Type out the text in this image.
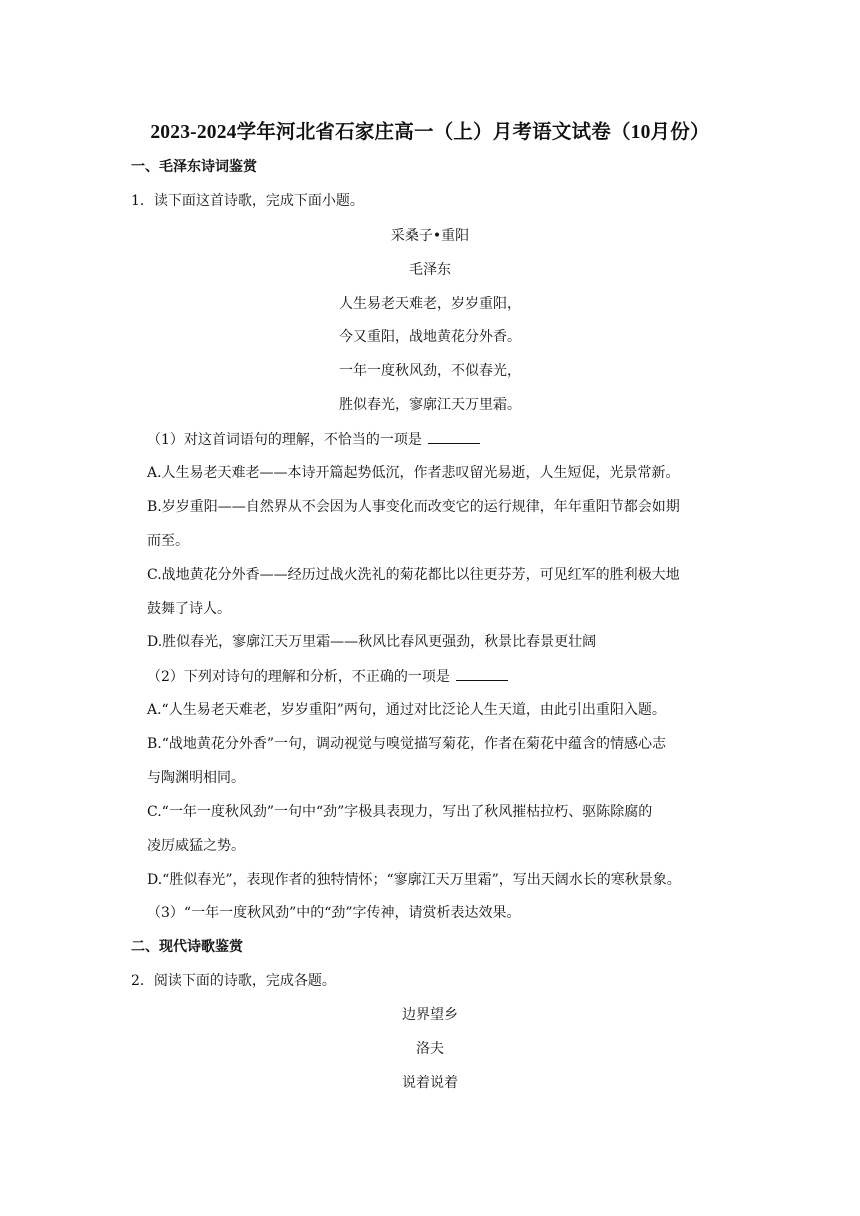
2023-2024学年河北省石家庄高一（上）月考语文试卷（10月份）
一、毛泽东诗词鉴赏
1．读下面这首诗歌，完成下面小题。
采桑子•重阳
毛泽东
人生易老天难老，岁岁重阳，
今又重阳，战地黄花分外香。
一年一度秋风劲，不似春光，
胜似春光，寥廓江天万里霜。
（1）对这首词语句的理解，不恰当的一项是
A.人生易老天难老——本诗开篇起势低沉，作者悲叹留光易逝，人生短促，光景常新。
B.岁岁重阳——自然界从不会因为人事变化而改变它的运行规律，年年重阳节都会如期
而至。
C.战地黄花分外香——经历过战火洗礼的菊花都比以往更芬芳，可见红军的胜利极大地
鼓舞了诗人。
D.胜似春光，寥廓江天万里霜——秋风比春风更强劲，秋景比春景更壮阔
（2）下列对诗句的理解和分析，不正确的一项是
A.“人生易老天难老，岁岁重阳”两句，通过对比泛论人生天道，由此引出重阳入题。
B.“战地黄花分外香”一句，调动视觉与嗅觉描写菊花，作者在菊花中蕴含的情感心志
与陶渊明相同。
C.“一年一度秋风劲”一句中“劲”字极具表现力，写出了秋风摧枯拉朽、驱陈除腐的
凌厉威猛之势。
D.“胜似春光”，表现作者的独特情怀；“寥廓江天万里霜”，写出天阔水长的寒秋景象。
（3）“一年一度秋风劲”中的“劲”字传神，请赏析表达效果。
二、现代诗歌鉴赏
2．阅读下面的诗歌，完成各题。
边界望乡
洛夫
说着说着
